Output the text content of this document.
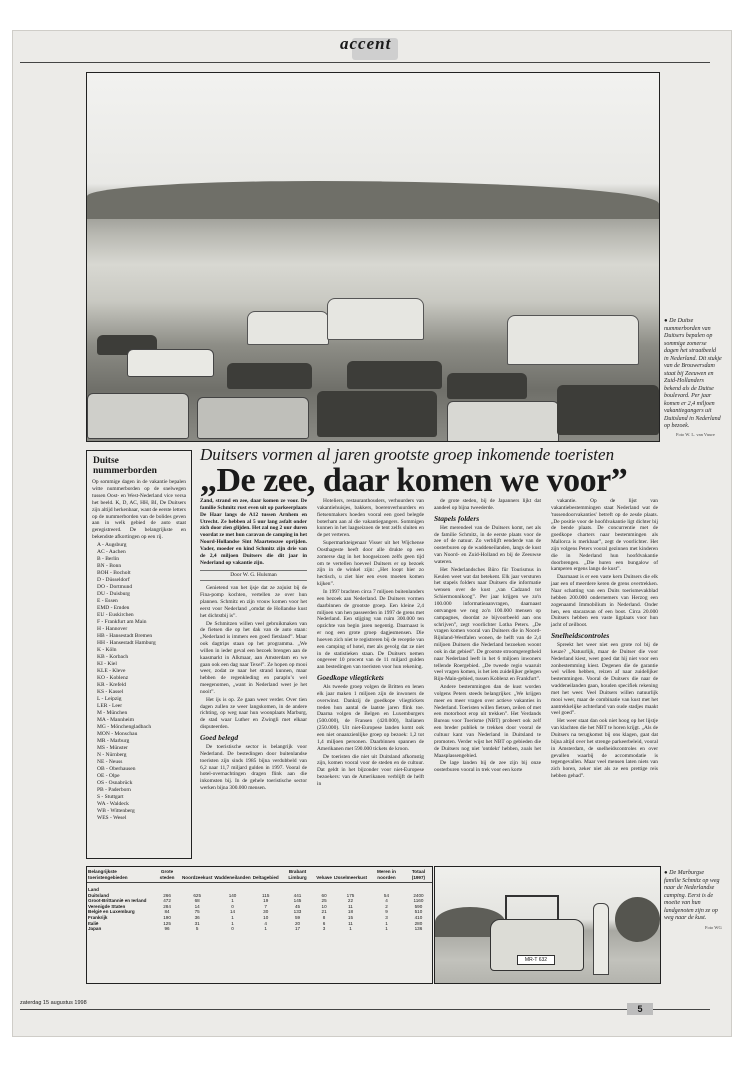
accent
● De Duitse nummerborden van Duitsers bepalen op sommige zomerse dagen het straatbeeld in Nederland. Dit stukje van de Brouwersdam staat bij Zeeuwen en Zuid-Hollanders bekend als de Duitse boulevard. Per jaar komen er 2,4 miljoen vakantiegangers uit Duitsland in Nederland op bezoek.
Foto W. L. van Vuure
Duitsers vormen al jaren grootste groep inkomende toeristen
„De zee, daar komen we voor”
Duitse nummerborden

Op sommige dagen in de vakantie bepalen witte nummerborden op de snelwegen tussen Oost- en West-Nederland vice versa het beeld. K, D, AC, HH, BI, De Duitsers zijn altijd herkenbaar, want de eerste letters op de nummerborden van de bolides geven aan in welk gebied de auto staat geregistreerd. De belangrijkste en bekendste afkortingen op een rij.

A - Augsburg
AC - Aachen
B - Berlin
BN - Bonn
BOH - Bocholt
D - Düsseldorf
DO - Dortmund
DU - Duisburg
E - Essen
EMD - Emden
EU - Euskirchen
F - Frankfurt am Main
H - Hannover
HB - Hansestadt Bremen
HH - Hansestadt Hamburg
K - Köln
KB - Korbach
KI - Kiel
KLE - Kleve
KO - Koblenz
KR - Krefeld
KS - Kassel
L - Leipzig
LER - Leer
M - München
MA - Mannheim
MG - Mönchengladbach
MON - Monschau
MR - Marburg
MS - Münster
N - Nürnberg
NE - Neuss
OB - Oberhausen
OE - Olpe
OS - Osnabrück
PB - Paderborn
S - Stuttgart
WA - Waldeck
WB - Wittenberg
WES - Wesel

Zand, strand en zee, daar komen ze voor. De familie Schmitz rust even uit op parkeerplaats De Haar langs de A12 tussen Arnhem en Utrecht. Ze hebben al 5 uur lang asfalt onder zich door zien glijden. Het zal nog 2 uur duren voordat ze met hun caravan de camping in het Noord-Hollandse Sint Maartenszee oprijden. Vader, moeder en kind Schmitz zijn drie van de 2,4 miljoen Duitsers die dit jaar in Nederland op vakantie zijn.

Door W. G. Hulsman

Genietend van het ijsje dat ze zojuist bij de Fina-pomp kochten, vertellen ze over hun plannen. Schmitz en zijn vrouw komen voor het eerst voor Nederland „omdat de Hollandse kust het dichtstbij is”.

De Schmitzen willen veel gebruikmaken van de fietsen die op het dak van de auto staan: „Nederland is immers een goed fietsland”. Maar ook dagtrips staan op het programma. „We willen in ieder geval een bezoek brengen aan de kaasmarkt in Alkmaar, aan Amsterdam en we gaan ook een dag naar Texel”. Ze hopen op mooi weer, zodat ze naar het strand kunnen, maar hebben de regenkleding en parapluʼs wel meegenomen, „want in Nederland weet je het nooit”.

Het ijs is op. Ze gaan weer verder. Over tien dagen zullen ze weer langskomen, in de andere richting, op weg naar hun woonplaats Marburg, de stad waar Luther en Zwingli met elkaar disputeerden.

Goed belegd

De toeristische sector is belangrijk voor Nederland. De bestedingen door buitenlandse toeristen zijn sinds 1985 bijna verdubbeld van 6,2 naar 11,7 miljard gulden in 1997. Vooral de hotel-overnachtingen dragen flink aan die inkomsten bij. In de gehele toeristische sector werken bijna 300.000 mensen.

Hoteliers, restauranthouders, verhuurders van vakantiehuisjes, bakkers, boerenverhuurders en fietsenmakers hoeden vooral een goed belegde boterham aan al die vakantiegangers. Sommigen kunnen in het laagseizoen de tent zelfs sluiten en de pet verteren.

Supermarkteigenaar Visser uit het Wijchense Oosthageste heeft door alle drukte op een zomerse dag in het hoogseizoen zelfs geen tijd om te vertellen hoeveel Duitsers er op bezoek zijn in de winkel zijn: „Het loopt hier zo hectisch, u ziet hier een even moeten komen kijken”.

In 1997 brachten circa 7 miljoen buitenlanders een bezoek aan Nederland. De Duitsers vormen daarbinnen de grootste groep. Een kleine 2,4 miljoen van hen passeerden in 1997 de grens met Nederland. Een stijging van ruim 300.000 ten opzichte van begin jaren negentig. Daarnaast is er nog een grote groep dagjesmensen. Die hoeven zich niet te registreren bij de receptie van een camping of hotel, met als gevolg dat ze niet in de statistieken staan. De Duitsers nemen ongeveer 10 procent van de 11 miljard gulden aan bestedingen van toeristen voor hun rekening.

Goedkope vliegtickets

Als tweede groep volgen de Britten en lenen elk jaar maken 1 miljoen zijn de inwoners de overwinst. Dankzij de goedkope vliegtickets treden hun aantal de laatste jaren flink toe. Daarna volgen de Belgen en Luxemburgers (500.000), de Fransen (420.000), Italianen (250.000). Uit niet-Europese landen komt ook een niet onaanzienlijke groep op bezoek: 1,2 tot 1,4 miljoen personen. Daarbinnen spannen de Amerikanen met 590.000 tickets de kroon.

De toeristen die niet uit Duitsland afkomstig zijn, komen vooral voor de steden en de cultuur. Dat geldt in het bijzonder voor niet-Europese bezoekers: van de Amerikanen verblijft de helft in

de grote steden, bij de Japanners lijkt dat aandeel op bijna tweederde.

Stapels folders

Het merendeel van de Duitsers komt, net als de familie Schmitz, in de eerste plaats voor de zee of de natuur. Zo verblijft eenderde van de oosterburen op de waddeneilanden, langs de kust van Noord- en Zuid-Holland en bij de Zeeuwse wateren.

Het Nederlandsches Büro für Tourismus in Keulen weet wat dat betekent. Elk jaar versturen het stapels folders naar Duitsers die informatie wensen over de kust „van Cadzand tot Schiermonnikoog”. Per jaar krijgen we zo'n 100.000 informatieaanvragen, daarnaast ontvangen we nog zo'n 100.000 mensen op campagnes, doordat ze bijvoorbeeld aan ons schrijven”, zegt voorlichter Lotha Peters. „De vragen komen vooral van Duitsers die in Noord-Rijnland-Westfalen wonen, de helft van de 2,4 miljoen Duitsers die Nederland bezoeken woont ook in dat gebied”. De grootste stroomgeregtheid naar Nederland leeft in het 6 miljoen inwoners tellende Roergebied. „De tweede regio waaruit veel vragen komen, is het iets zuidelijker gelegen Rijn-Main-gebied, tussen Koblenz en Frankfurt”.

Andere bestemmingen dan de kust worden volgens Peters steeds belangrijker. „We krijgen meer en meer vragen over actieve vakanties in Nederland. Toeristen willen fietsen, zeilen of met een motorboot erop uit trekken”. Het Verdands Bureau voor Toerisme (NBT) probeert ook zelf een breder publiek te trekken door vooral de cultuur kant van Nederland in Duitsland te promoten. Verder wijst het NBT op gebieden die de Duitsers nog niet 'ontdekt' hebben, zoals het Maasplassengebied.

De lage landen bij de zee zijn bij onze oosterburen vooral in trek voor een korte

vakantie. Op de lijst van vakantiebestemmingen staat Nederland wat de 'tussendoorvakanties' betreft op de zesde plaats. „De positie voor de hoofdvakantie ligt dichter bij de bende plaats. De concurrentie met de goedkope charters naar bestemmingen als Mallorca is merkbaar”, zegt de voorlichter. Het zijn volgens Peters vooral gezinnen met kinderen die in Nederland hun hoofdvakantie doorbrengen. „Die huren een bungalow of kamperen ergens langs de kust”.

Daarnaast is er een vaste kern Duitsers die elk jaar een of meerdere keren de grens overtrekken. Naar schatting van een Duits toerismevakblad hebben 200.000 ondernemers van Herzog een zogenaamd Immobilium in Nederland. Onder hen, een stacaravan of een boot. Circa 20.000 Duitsers hebben een vaste ligplaats voor hun jacht of zeilboot.

Snelheidscontroles

Spreekt het weer niet een grote rol bij de keuze? „Natuurlijk, maar de Duitser die voor Nederland kiest, weet goed dat hij niet voor een zonbestemming kiest. Degenen die de garantie wel willen hebben, reizen af naar zuidelijker bestemmingen. Vooral de Duitsers die naar de waddeneilanden gaan, houden specifiek rekening met het weer. Veel Duitsers willen natuurlijk mooi weer, maar de combinatie van kust met het aantrekkelijke achterland van oude stadjes maakt veel goed”.

Het weer staat dan ook niet hoog op het lijstje van klachten die het NBT te horen krijgt. „Als de Duitsers na terugkomst bij ons klagen, gaat dat bijna altijd over het strenge parkeerbeleid, vooral in Amsterdam, de snelheidscontroles en over gevallen waarbij de accommodatie is tegengevallen. Maar veel mensen laten niets van zich horen, zeker niet als ze een prettige reis hebben gehad”.

Belangrijkste toeristengebieden	Grote steden	Noordzeekust	Waddeneilanden	Deltagebied	Brabant Limburg	Veluwe	IJsselmeerkust	Meren in noorden	Totaal (1997)
Land									
Duitsland	266	625	140	115	441	60	175	54	2400
Groot-Brittannië en Ierland	472	68	1	19	145	25	22	4	1160
Verenigde Staten	284	14	0	7	45	10	11	2	590
België en Luxemburg	84	75	14	30	133	21	18	9	510
Frankrijk	190	36	1	10	59	8	15	3	410
Italië	125	31	1	4	20	6	11	1	280
Japan	96	5	0	1	17	3	1	1	136
MR-T 632
● De Marburgse familie Schmitz op weg naar de Nederlandse camping. Eerst is de moeite van hun landgenoten zijn ze op weg naar de kust.
Foto WG
zaterdag 15 augustus 1998
5
